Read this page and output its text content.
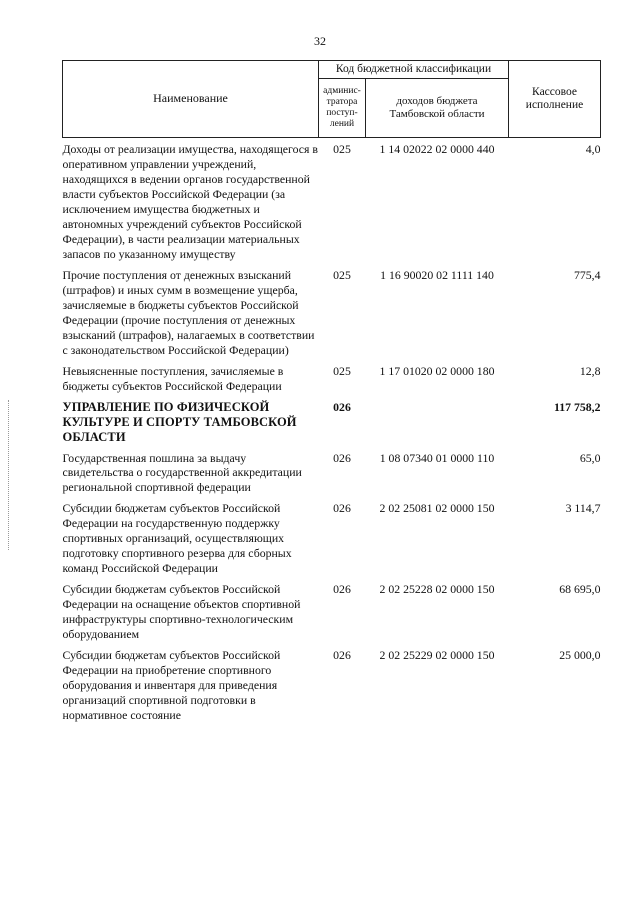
32
Наименование	Код бюджетной классификации		Кассовое
исполнение
	админис-
тратора
поступ-
лений	доходов бюджета
Тамбовской области	
Доходы от реализации имущества, находящегося в оперативном управлении учреждений, находящихся в ведении органов государственной власти субъектов Российской Федерации (за исключением имущества бюджетных и автономных учреждений субъектов Российской Федерации), в части реализации материальных запасов по указанному имуществу	025	1 14 02022 02 0000 440	4,0
Прочие поступления от денежных взысканий (штрафов) и иных сумм в возмещение ущерба, зачисляемые в бюджеты субъектов Российской Федерации (прочие поступления от денежных взысканий (штрафов), налагаемых в соответствии с законодательством Российской Федерации)	025	1 16 90020 02 1111 140	775,4
Невыясненные поступления, зачисляемые в бюджеты субъектов Российской Федерации	025	1 17 01020 02 0000 180	12,8
УПРАВЛЕНИЕ ПО ФИЗИЧЕСКОЙ КУЛЬТУРЕ И СПОРТУ ТАМБОВСКОЙ ОБЛАСТИ	026		117 758,2
Государственная пошлина за выдачу свидетельства о государственной аккредитации региональной спортивной федерации	026	1 08 07340 01 0000 110	65,0
Субсидии бюджетам субъектов Российской Федерации на государственную поддержку спортивных организаций, осуществляющих подготовку спортивного резерва для сборных команд Российской Федерации	026	2 02 25081 02 0000 150	3 114,7
Субсидии бюджетам субъектов Российской Федерации на оснащение объектов спортивной инфраструктуры спортивно-технологическим оборудованием	026	2 02 25228 02 0000 150	68 695,0
Субсидии бюджетам субъектов Российской Федерации на приобретение спортивного оборудования и инвентаря для приведения организаций спортивной подготовки в нормативное состояние	026	2 02 25229 02 0000 150	25 000,0
